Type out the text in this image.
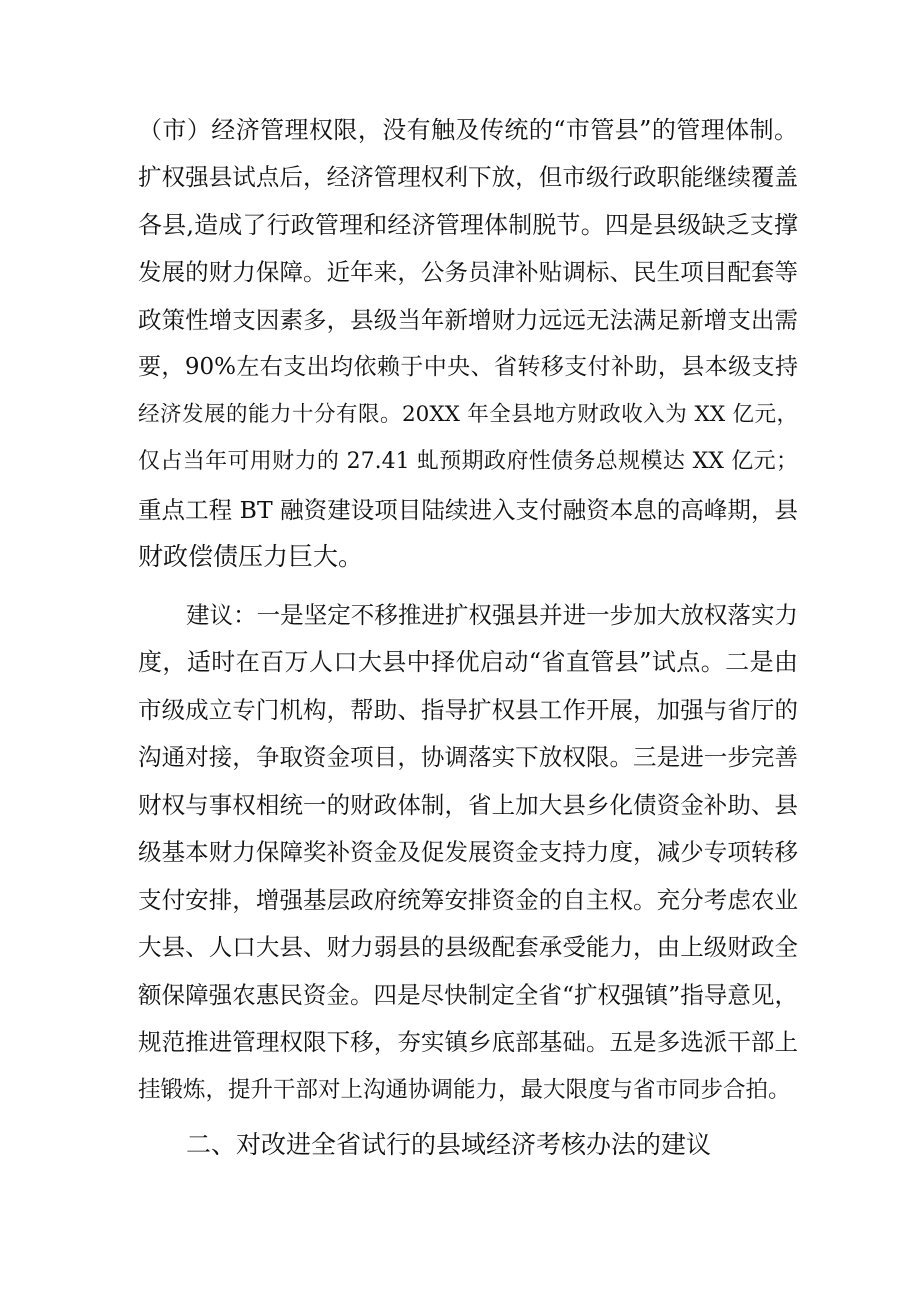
（市）经济管理权限，没有触及传统的“市管县”的管理体制。
扩权强县试点后，经济管理权利下放，但市级行政职能继续覆盖
各县,造成了行政管理和经济管理体制脱节。四是县级缺乏支撑
发展的财力保障。近年来，公务员津补贴调标、民生项目配套等
政策性增支因素多，县级当年新增财力远远无法满足新增支出需
要，90%左右支出均依赖于中央、省转移支付补助，县本级支持
经济发展的能力十分有限。20XX 年全县地方财政收入为 XX 亿元，
仅占当年可用财力的 27.41 虬预期政府性债务总规模达 XX 亿元；
重点工程 BT 融资建设项目陆续进入支付融资本息的高峰期，县
财政偿债压力巨大。
建议：一是坚定不移推进扩权强县并进一步加大放权落实力
度，适时在百万人口大县中择优启动“省直管县”试点。二是由
市级成立专门机构，帮助、指导扩权县工作开展，加强与省厅的
沟通对接，争取资金项目，协调落实下放权限。三是进一步完善
财权与事权相统一的财政体制，省上加大县乡化债资金补助、县
级基本财力保障奖补资金及促发展资金支持力度，减少专项转移
支付安排，增强基层政府统筹安排资金的自主权。充分考虑农业
大县、人口大县、财力弱县的县级配套承受能力，由上级财政全
额保障强农惠民资金。四是尽快制定全省“扩权强镇”指导意见，
规范推进管理权限下移，夯实镇乡底部基础。五是多选派干部上
挂锻炼，提升干部对上沟通协调能力，最大限度与省市同步合拍。
二、对改进全省试行的县域经济考核办法的建议
